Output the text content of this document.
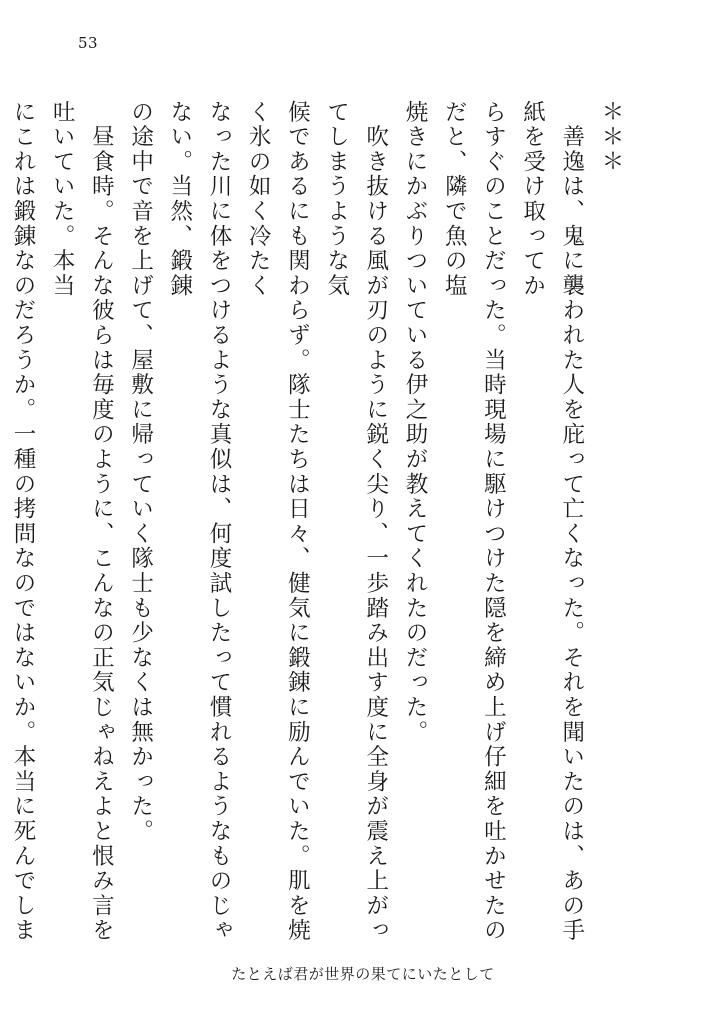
53
＊＊＊
　善逸は、鬼に襲われた人を庇って亡くなった。それを聞いたのは、あの手紙を受け取ってか
らすぐのことだった。当時現場に駆けつけた隠を締め上げ仔細を吐かせたのだと、隣で魚の塩
焼きにかぶりついている伊之助が教えてくれたのだった。
　吹き抜ける風が刃のように鋭く尖り、一歩踏み出す度に全身が震え上がってしまうような気
候であるにも関わらず。隊士たちは日々、健気に鍛錬に励んでいた。肌を焼く氷の如く冷たく
なった川に体をつけるような真似は、何度試したって慣れるようなものじゃない。当然、鍛錬
の途中で音を上げて、屋敷に帰っていく隊士も少なくは無かった。
　昼食時。そんな彼らは毎度のように、こんなの正気じゃねえよと恨み言を吐いていた。本当
にこれは鍛錬なのだろうか。一種の拷問なのではないか。本当に死んでしま

たとえば君が世界の果てにいたとして
